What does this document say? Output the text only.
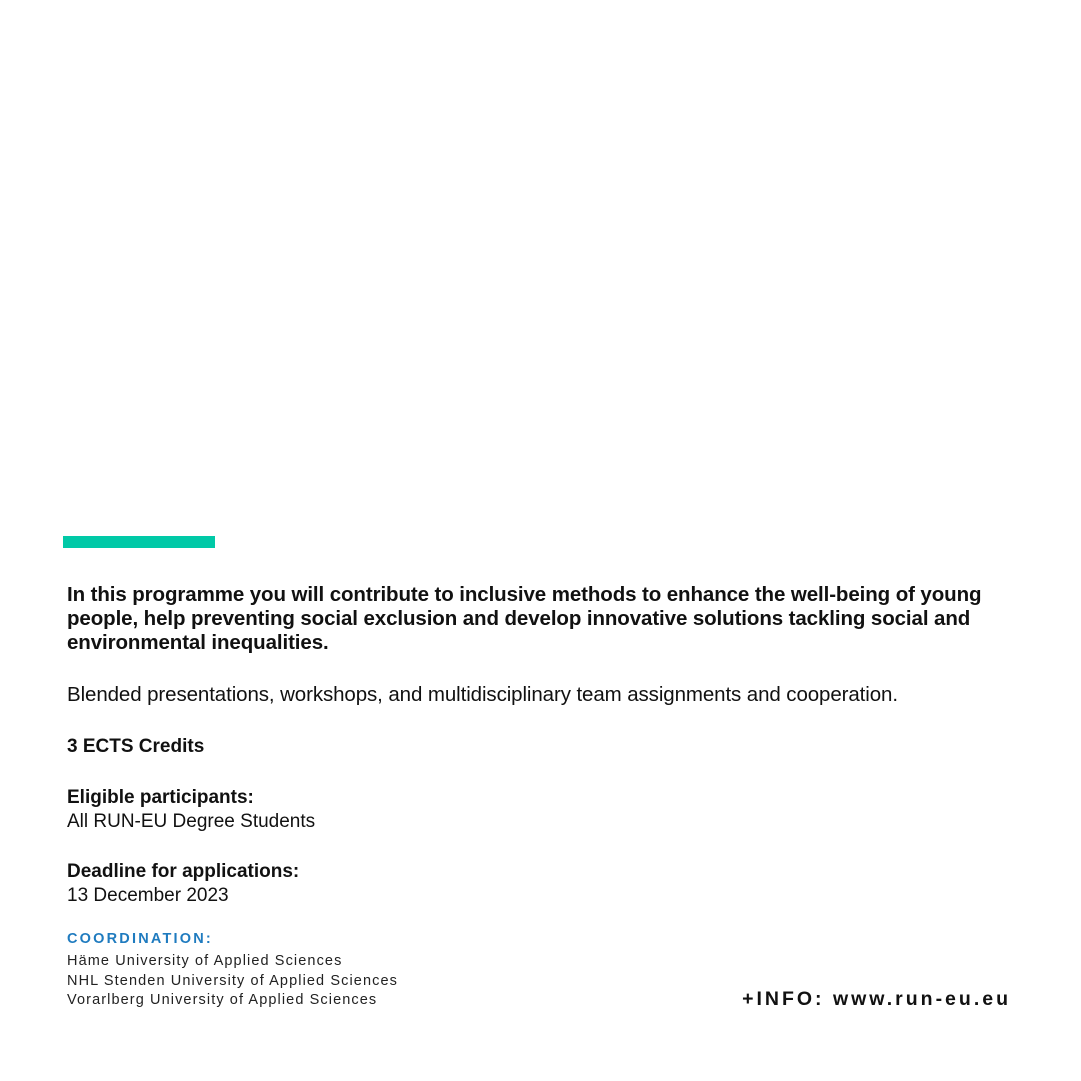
In this programme you will contribute to inclusive methods to enhance the well-being of young people, help preventing social exclusion and develop innovative solutions tackling social and environmental inequalities.

Blended presentations, workshops, and multidisciplinary team assignments and cooperation.

3 ECTS Credits

Eligible participants:

All RUN-EU Degree Students

Deadline for applications:

13 December 2023

COORDINATION:

Häme University of Applied Sciences

NHL Stenden University of Applied Sciences

Vorarlberg University of Applied Sciences	+INFO: www.run-eu.eu
